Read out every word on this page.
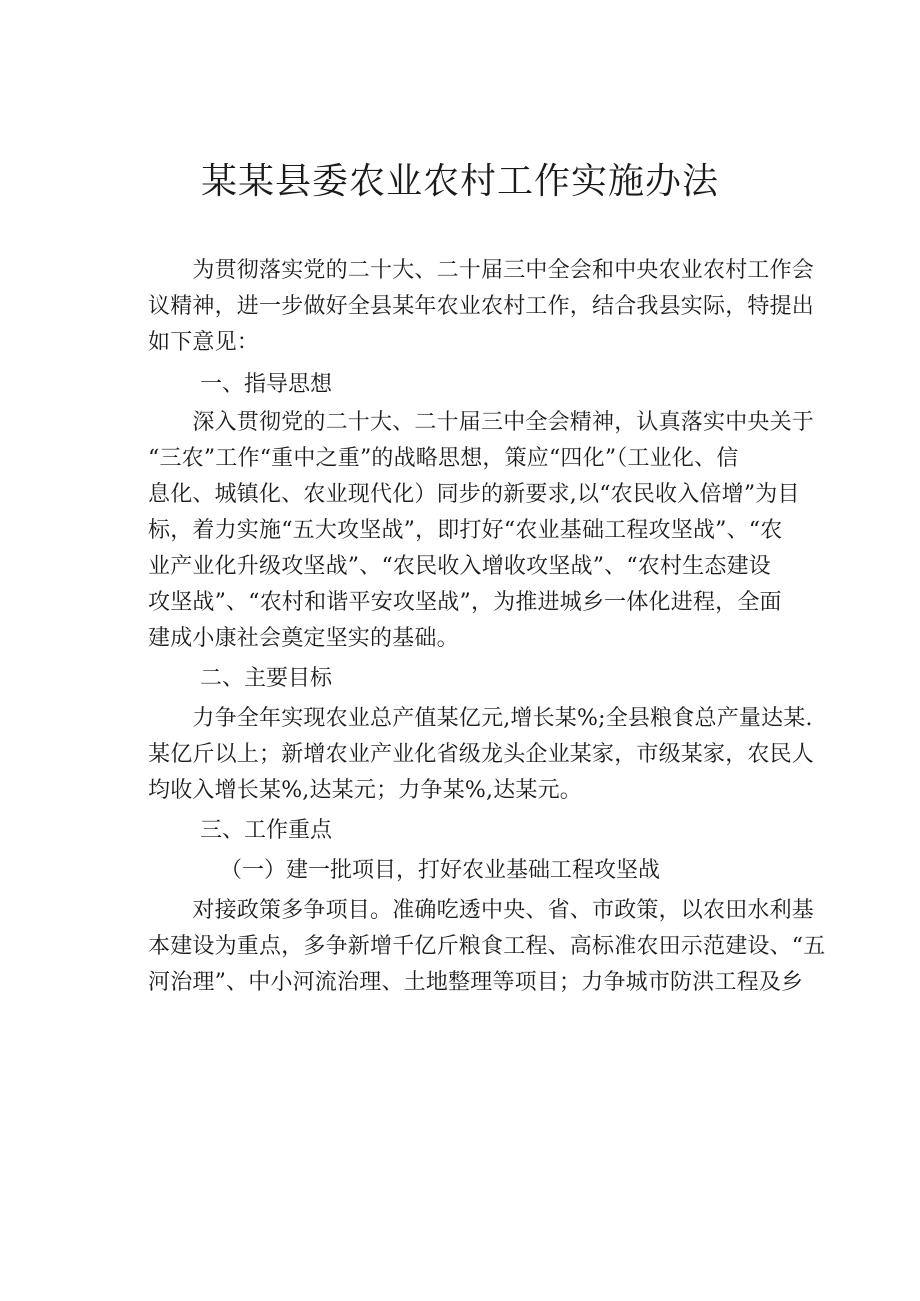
某某县委农业农村工作实施办法
　　为贯彻落实党的二十大、二十届三中全会和中央农业农村工作会
议精神，进一步做好全县某年农业农村工作，结合我县实际，特提出
如下意见：
一、指导思想
　　深入贯彻党的二十大、二十届三中全会精神，认真落实中央关于
“三农”工作“重中之重”的战略思想，策应“四化”（工业化、信
息化、城镇化、农业现代化）同步的新要求,以“农民收入倍增”为目
标，着力实施“五大攻坚战”，即打好“农业基础工程攻坚战”、“农
业产业化升级攻坚战”、“农民收入增收攻坚战”、“农村生态建设
攻坚战”、“农村和谐平安攻坚战”，为推进城乡一体化进程，全面
建成小康社会奠定坚实的基础。
二、主要目标
　　力争全年实现农业总产值某亿元,增长某%;全县粮食总产量达某.
某亿斤以上；新增农业产业化省级龙头企业某家，市级某家，农民人
均收入增长某%,达某元；力争某%,达某元。
三、工作重点
（一）建一批项目，打好农业基础工程攻坚战
　　对接政策多争项目。准确吃透中央、省、市政策，以农田水利基
本建设为重点，多争新增千亿斤粮食工程、高标准农田示范建设、“五
河治理”、中小河流治理、土地整理等项目；力争城市防洪工程及乡
